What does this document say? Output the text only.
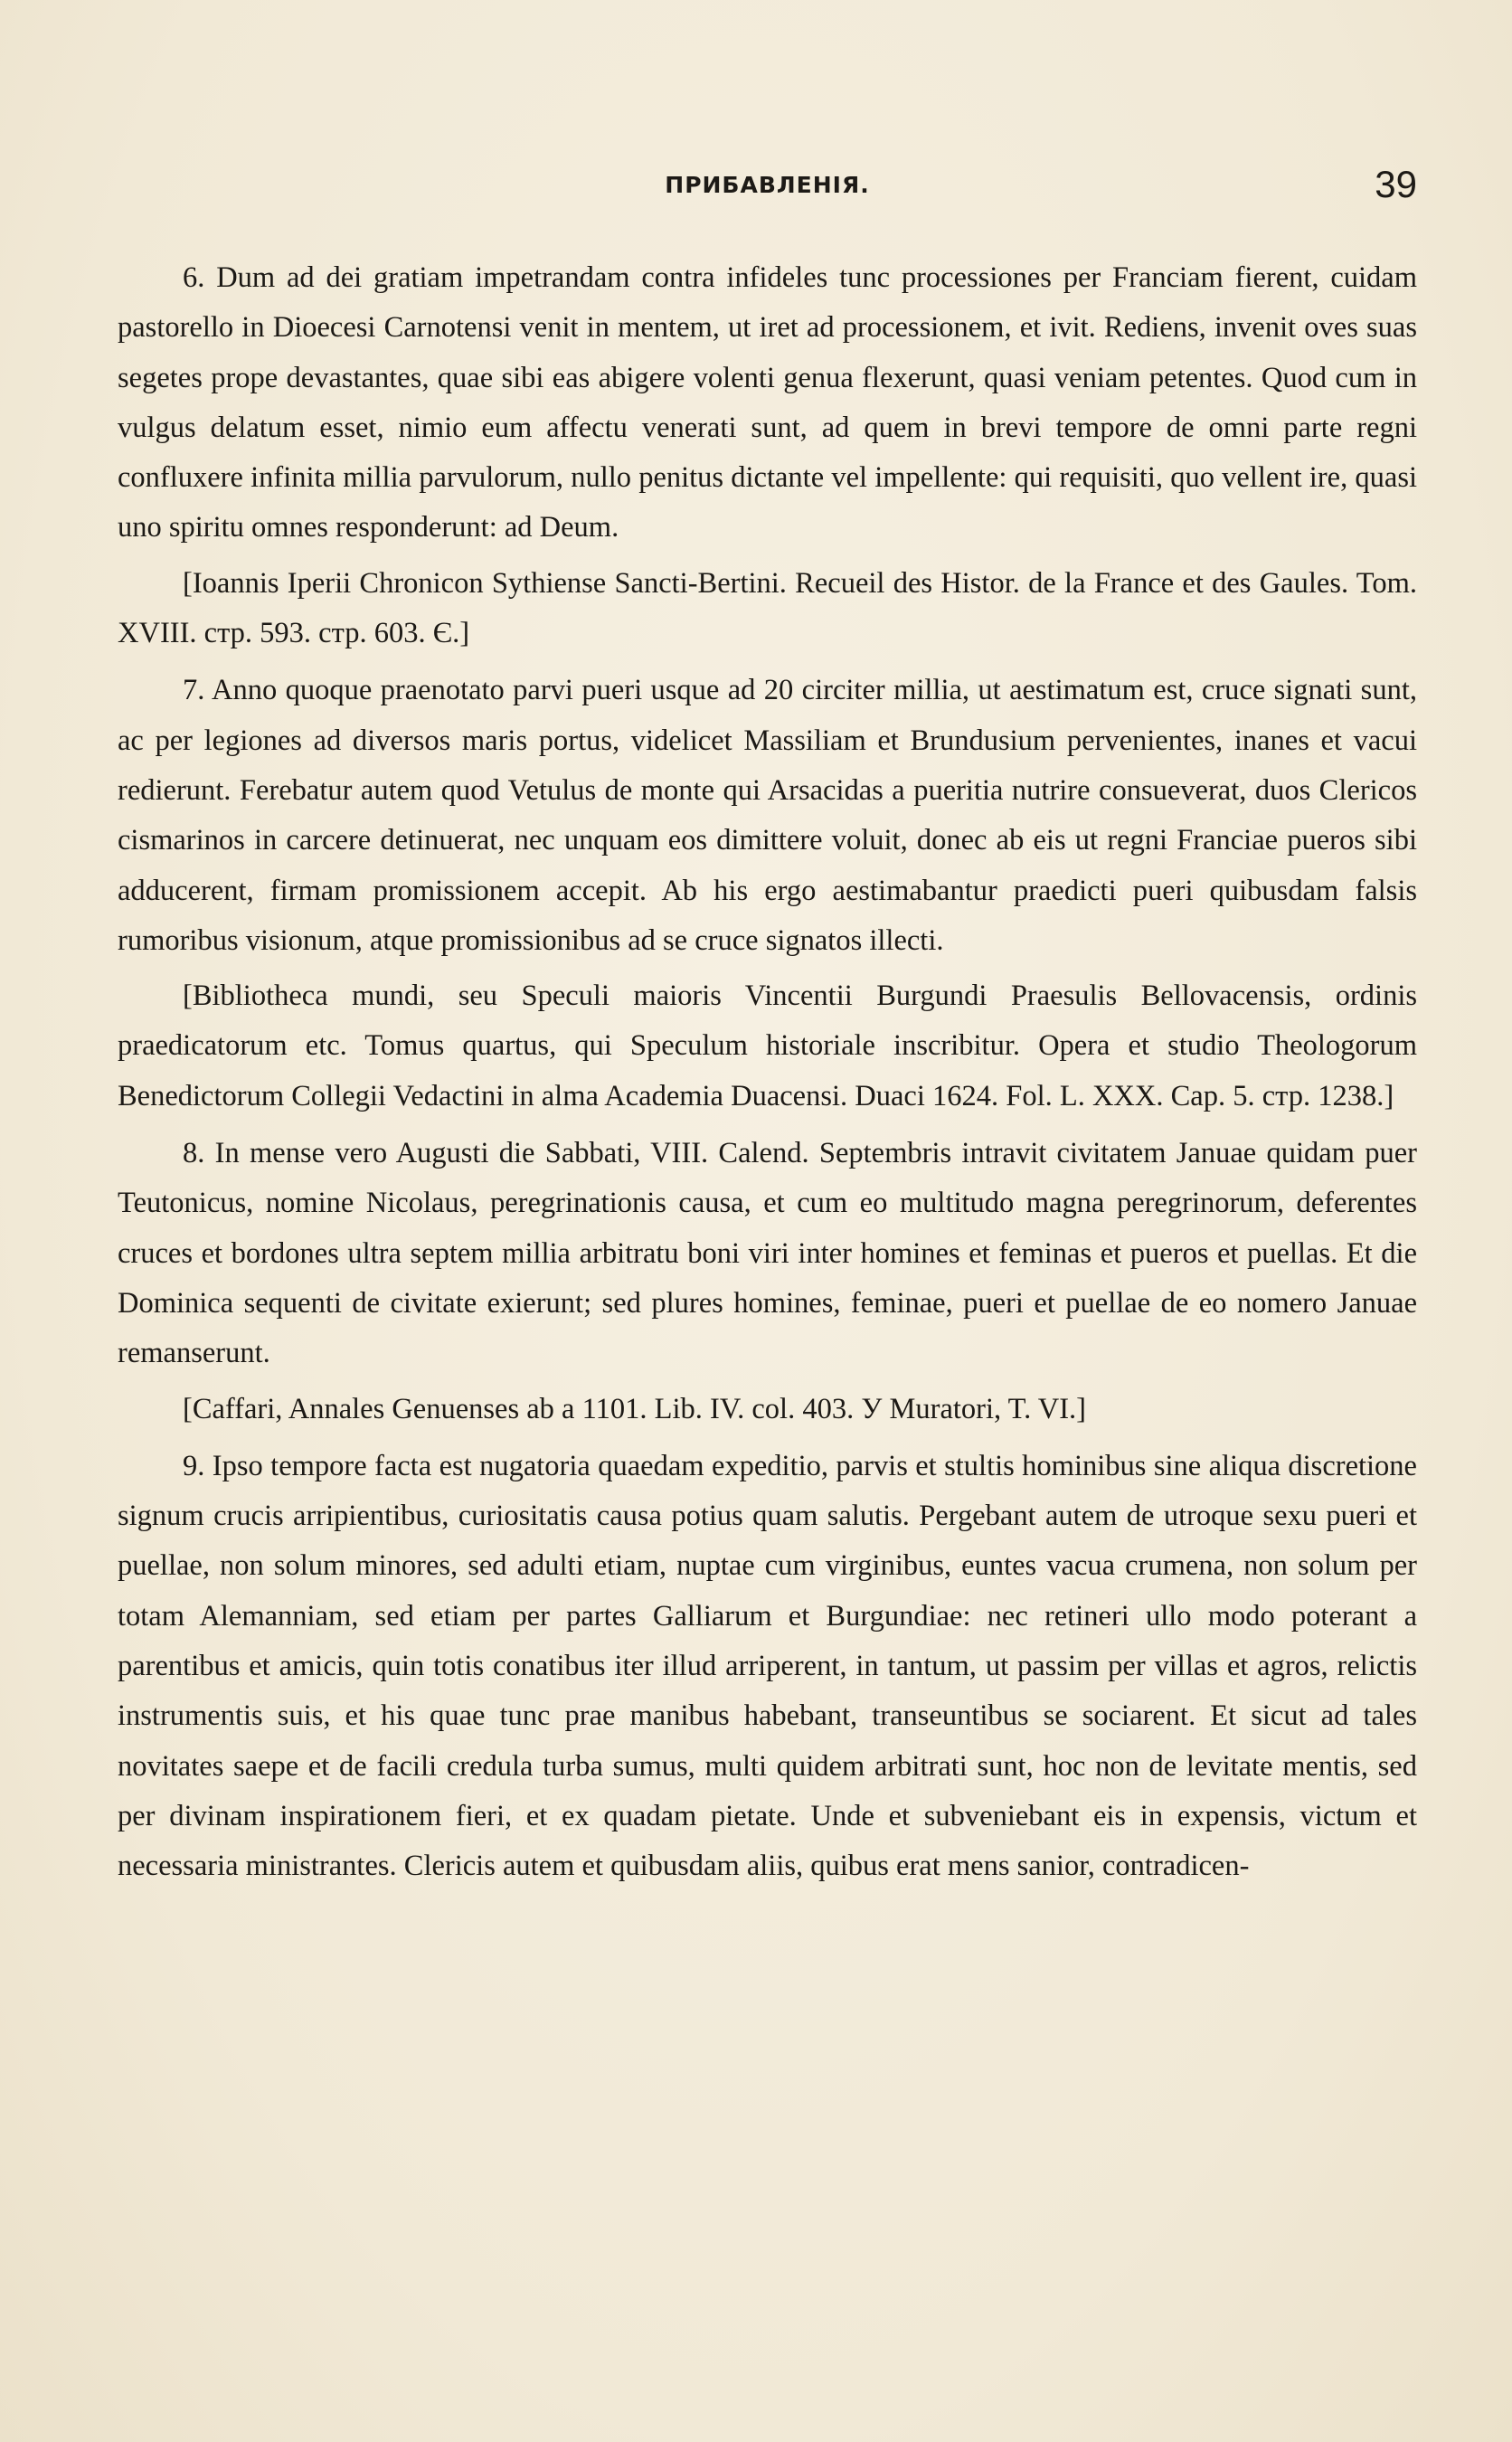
ПРИБАВЛЕНІЯ.	39

6. Dum ad dei gratiam impetrandam contra infideles tunc processiones per Franciam fierent, cuidam pastorello in Dioecesi Carnotensi venit in mentem, ut iret ad processionem, et ivit. Rediens, invenit oves suas segetes prope devastantes, quae sibi eas abigere volenti genua flexerunt, quasi veniam petentes. Quod cum in vulgus delatum esset, nimio eum affectu venerati sunt, ad quem in brevi tempore de omni parte regni confluxere infinita millia parvulorum, nullo penitus dictante vel impellente: qui requisiti, quo vellent ire, quasi uno spiritu omnes responderunt: ad Deum.

[Ioannis Iperii Chronicon Sythiense Sancti-Bertini. Recueil des Histor. de la France et des Gaules. Tom. XVIII. стр. 593. стр. 603. Є.]

7. Anno quoque praenotato parvi pueri usque ad 20 circiter millia, ut aestimatum est, cruce signati sunt, ac per legiones ad diversos maris portus, videlicet Massiliam et Brundusium pervenientes, inanes et vacui redierunt. Ferebatur autem quod Vetulus de monte qui Arsacidas a pueritia nutrire consueverat, duos Clericos cismarinos in carcere detinuerat, nec unquam eos dimittere voluit, donec ab eis ut regni Franciae pueros sibi adducerent, firmam promissionem accepit. Ab his ergo aestimabantur praedicti pueri quibusdam falsis rumoribus visionum, atque promissionibus ad se cruce signatos illecti.

[Bibliotheca mundi, seu Speculi maioris Vincentii Burgundi Praesulis Bellovacensis, ordinis praedicatorum etc. Tomus quartus, qui Speculum historiale inscribitur. Opera et studio Theologorum Benedictorum Collegii Vedactini in alma Academia Duacensi. Duaci 1624. Fol. L. XXX. Cap. 5. стр. 1238.]

8. In mense vero Augusti die Sabbati, VIII. Calend. Septembris intravit civitatem Januae quidam puer Teutonicus, nomine Nicolaus, peregrinationis causa, et cum eo multitudo magna peregrinorum, deferentes cruces et bordones ultra septem millia arbitratu boni viri inter homines et feminas et pueros et puellas. Et die Dominica sequenti de civitate exierunt; sed plures homines, feminae, pueri et puellae de eo nomero Januae remanserunt.

[Caffari, Annales Genuenses ab a 1101. Lib. IV. col. 403. У Muratori, T. VI.]

9. Ipso tempore facta est nugatoria quaedam expeditio, parvis et stultis hominibus sine aliqua discretione signum crucis arripientibus, curiositatis causa potius quam salutis. Pergebant autem de utroque sexu pueri et puellae, non solum minores, sed adulti etiam, nuptae cum virginibus, euntes vacua crumena, non solum per totam Alemanniam, sed etiam per partes Galliarum et Burgundiae: nec retineri ullo modo poterant a parentibus et amicis, quin totis conatibus iter illud arriperent, in tantum, ut passim per villas et agros, relictis instrumentis suis, et his quae tunc prae manibus habebant, transeuntibus se sociarent. Et sicut ad tales novitates saepe et de facili credula turba sumus, multi quidem arbitrati sunt, hoc non de levitate mentis, sed per divinam inspirationem fieri, et ex quadam pietate. Unde et subveniebant eis in expensis, victum et necessaria ministrantes. Clericis autem et quibusdam aliis, quibus erat mens sanior, contradicen-
